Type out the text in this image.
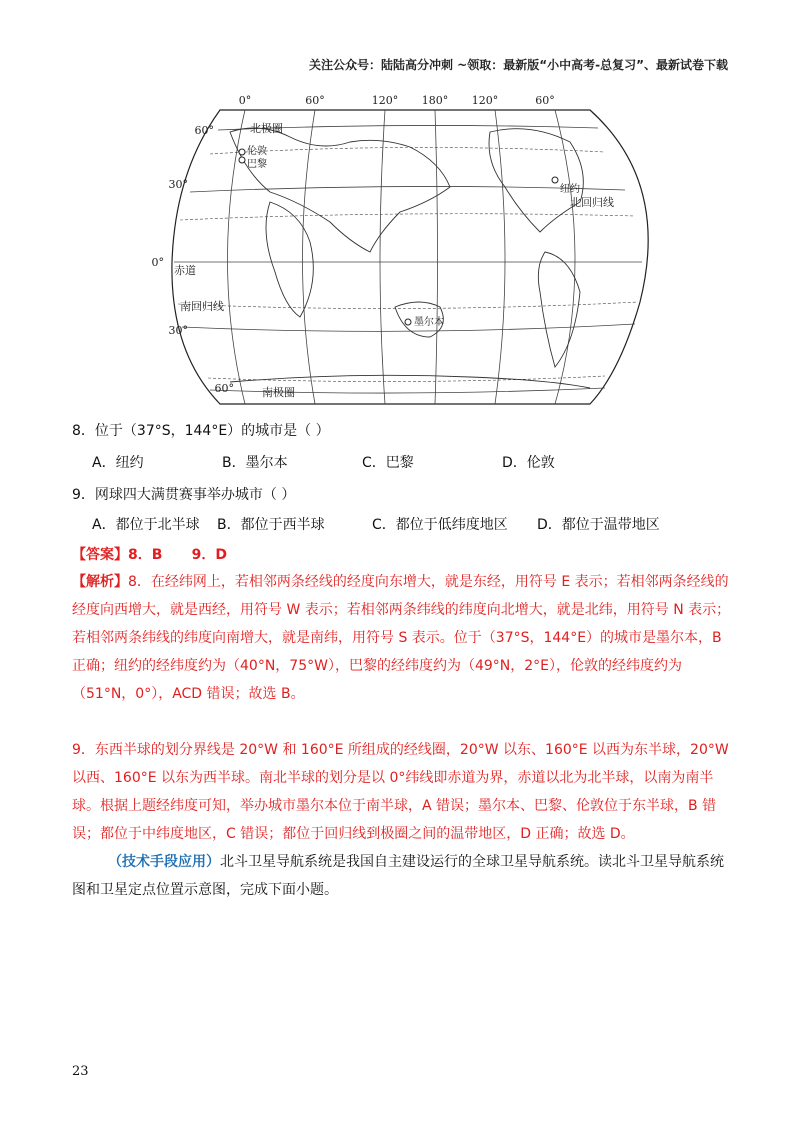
关注公众号：陆陆高分冲刺 ~领取：最新版“小中高考-总复习”、最新试卷下载
0°	60°	120° 180° 120°	60°
60°
30°
0°
30°
60°
北极圈
北回归线
赤道
南回归线
南极圈
伦敦
巴黎
纽约
墨尔本
8．位于（37°S，144°E）的城市是（ ）
A．纽约	B．墨尔本	C．巴黎	D．伦敦
9．网球四大满贯赛事举办城市（ ）
A．都位于北半球	B．都位于西半球	C．都位于低纬度地区	D．都位于温带地区
【答案】8．B      9．D
【解析】8．在经纬网上，若相邻两条经线的经度向东增大，就是东经，用符号 E 表示；若相邻两条经线的经度向西增大，就是西经，用符号 W 表示；若相邻两条纬线的纬度向北增大，就是北纬，用符号 N 表示；若相邻两条纬线的纬度向南增大，就是南纬，用符号 S 表示。位于（37°S，144°E）的城市是墨尔本，B 正确；纽约的经纬度约为（40°N，75°W），巴黎的经纬度约为（49°N，2°E），伦敦的经纬度约为（51°N，0°），ACD 错误；故选 B。
9．东西半球的划分界线是 20°W 和 160°E 所组成的经线圈，20°W 以东、160°E 以西为东半球，20°W 以西、160°E 以东为西半球。南北半球的划分是以 0°纬线即赤道为界，赤道以北为北半球，以南为南半球。根据上题经纬度可知，举办城市墨尔本位于南半球，A 错误；墨尔本、巴黎、伦敦位于东半球，B 错误；都位于中纬度地区，C 错误；都位于回归线到极圈之间的温带地区，D 正确；故选 D。
（技术手段应用）北斗卫星导航系统是我国自主建设运行的全球卫星导航系统。读北斗卫星导航系统图和卫星定点位置示意图，完成下面小题。
23
